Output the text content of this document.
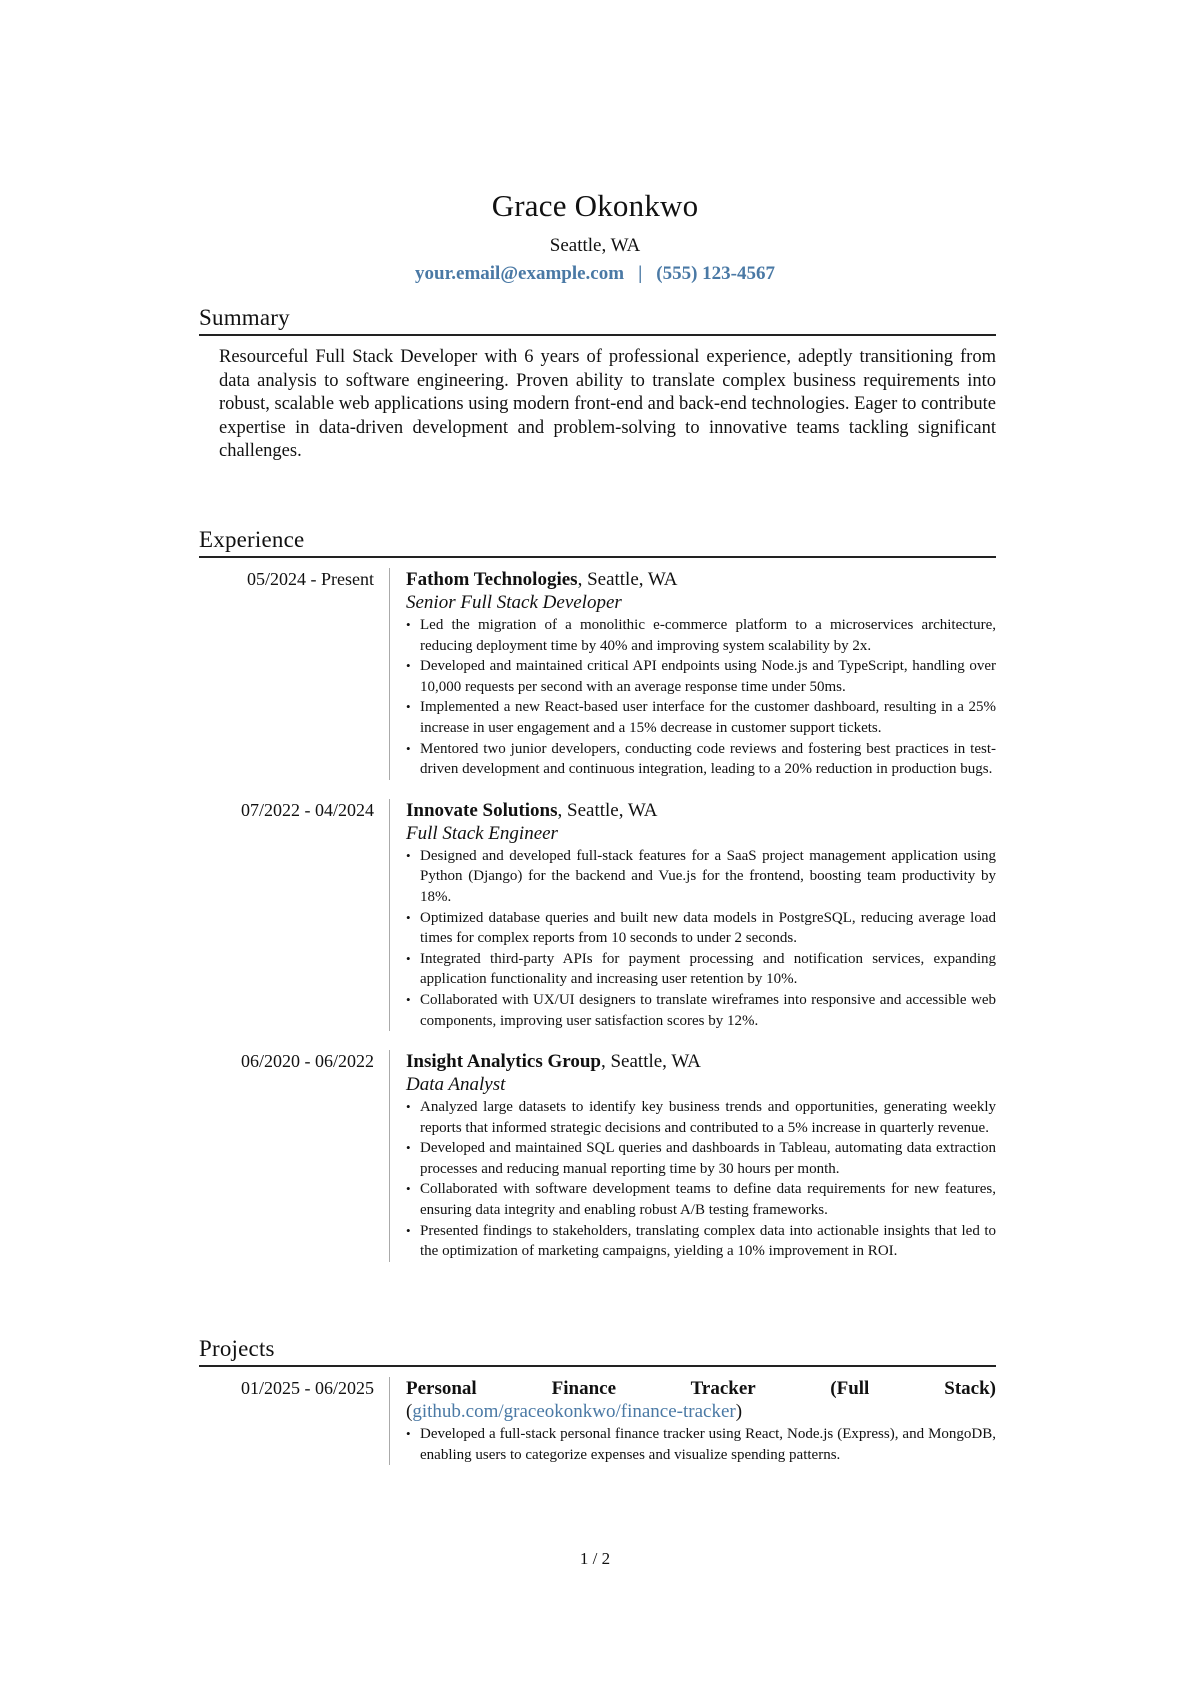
Grace Okonkwo
Seattle, WA
your.email@example.com | (555) 123-4567
Summary

Resourceful Full Stack Developer with 6 years of professional experience, adeptly transitioning from data analysis to software engineering. Proven ability to translate complex business requirements into robust, scalable web applications using modern front-end and back-end technologies. Eager to contribute expertise in data-driven development and problem-solving to innovative teams tackling significant challenges.

Experience
05/2024 - Present	Fathom Technologies, Seattle, WA
Senior Full Stack Developer
• Led the migration of a monolithic e-commerce platform to a microservices architecture, reducing deployment time by 40% and improving system scalability by 2x.
• Developed and maintained critical API endpoints using Node.js and TypeScript, handling over 10,000 requests per second with an average response time under 50ms.
• Implemented a new React-based user interface for the customer dashboard, resulting in a 25% increase in user engagement and a 15% decrease in customer support tickets.
• Mentored two junior developers, conducting code reviews and fostering best practices in test-driven development and continuous integration, leading to a 20% reduction in production bugs.
07/2022 - 04/2024	Innovate Solutions, Seattle, WA
Full Stack Engineer
• Designed and developed full-stack features for a SaaS project management application using Python (Django) for the backend and Vue.js for the frontend, boosting team productivity by 18%.
• Optimized database queries and built new data models in PostgreSQL, reducing average load times for complex reports from 10 seconds to under 2 seconds.
• Integrated third-party APIs for payment processing and notification services, expanding application functionality and increasing user retention by 10%.
• Collaborated with UX/UI designers to translate wireframes into responsive and accessible web components, improving user satisfaction scores by 12%.
06/2020 - 06/2022	Insight Analytics Group, Seattle, WA
Data Analyst
• Analyzed large datasets to identify key business trends and opportunities, generating weekly reports that informed strategic decisions and contributed to a 5% increase in quarterly revenue.
• Developed and maintained SQL queries and dashboards in Tableau, automating data extraction processes and reducing manual reporting time by 30 hours per month.
• Collaborated with software development teams to define data requirements for new features, ensuring data integrity and enabling robust A/B testing frameworks.
• Presented findings to stakeholders, translating complex data into actionable insights that led to the optimization of marketing campaigns, yielding a 10% improvement in ROI.
Projects
01/2025 - 06/2025	Personal Finance Tracker (Full Stack) (github.com/graceokonkwo/finance-tracker)
• Developed a full-stack personal finance tracker using React, Node.js (Express), and MongoDB, enabling users to categorize expenses and visualize spending patterns.
1 / 2
